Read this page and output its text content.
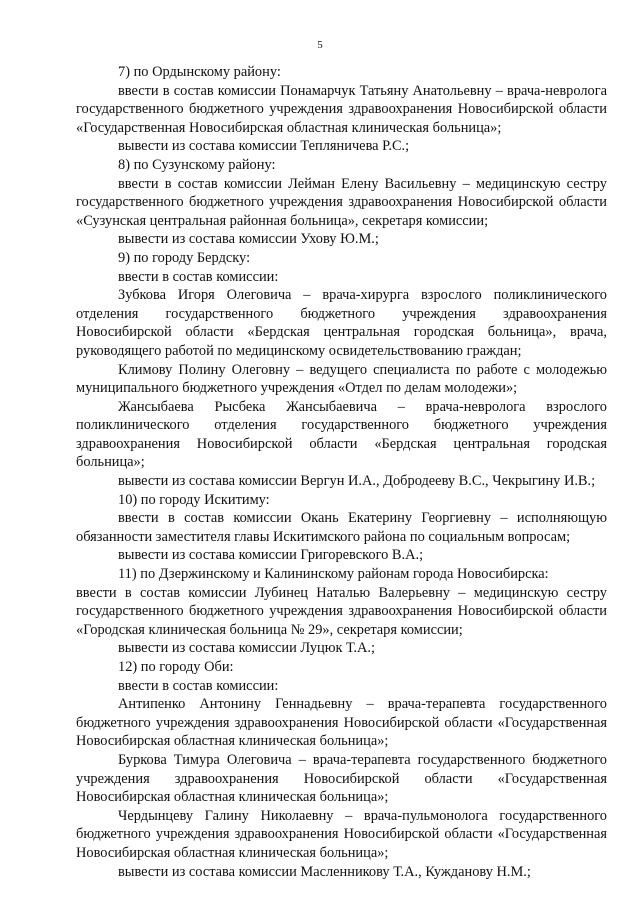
5

7) по Ордынскому району:

ввести в состав комиссии Понамарчук Татьяну Анатольевну – врача-невролога государственного бюджетного учреждения здравоохранения Новосибирской области «Государственная Новосибирская областная клиническая больница»;

вывести из состава комиссии Тепляничева Р.С.;

8) по Сузунскому району:

ввести в состав комиссии Лейман Елену Васильевну – медицинскую сестру государственного бюджетного учреждения здравоохранения Новосибирской области «Сузунская центральная районная больница», секретаря комиссии;

вывести из состава комиссии Ухову Ю.М.;

9) по городу Бердску:

ввести в состав комиссии:

Зубкова Игоря Олеговича – врача-хирурга взрослого поликлинического отделения государственного бюджетного учреждения здравоохранения Новосибирской области «Бердская центральная городская больница», врача, руководящего работой по медицинскому освидетельствованию граждан;

Климову Полину Олеговну – ведущего специалиста по работе с молодежью муниципального бюджетного учреждения «Отдел по делам молодежи»;

Жансыбаева Рысбека Жансыбаевича – врача-невролога взрослого поликлинического отделения государственного бюджетного учреждения здравоохранения Новосибирской области «Бердская центральная городская больница»;

вывести из состава комиссии Вергун И.А., Добродееву В.С., Чекрыгину И.В.;

10) по городу Искитиму:

ввести в состав комиссии Окань Екатерину Георгиевну – исполняющую обязанности заместителя главы Искитимского района по социальным вопросам;

вывести из состава комиссии Григоревского В.А.;

11) по Дзержинскому и Калининскому районам города Новосибирска:

ввести в состав комиссии Лубинец Наталью Валерьевну – медицинскую сестру государственного бюджетного учреждения здравоохранения Новосибирской области «Городская клиническая больница № 29», секретаря комиссии;

вывести из состава комиссии Луцюк Т.А.;

12) по городу Оби:

ввести в состав комиссии:

Антипенко Антонину Геннадьевну – врача-терапевта государственного бюджетного учреждения здравоохранения Новосибирской области «Государственная Новосибирская областная клиническая больница»;

Буркова Тимура Олеговича – врача-терапевта государственного бюджетного учреждения здравоохранения Новосибирской области «Государственная Новосибирская областная клиническая больница»;

Чердынцеву Галину Николаевну – врача-пульмонолога государственного бюджетного учреждения здравоохранения Новосибирской области «Государственная Новосибирская областная клиническая больница»;

вывести из состава комиссии Масленникову Т.А., Кужданову Н.М.;
